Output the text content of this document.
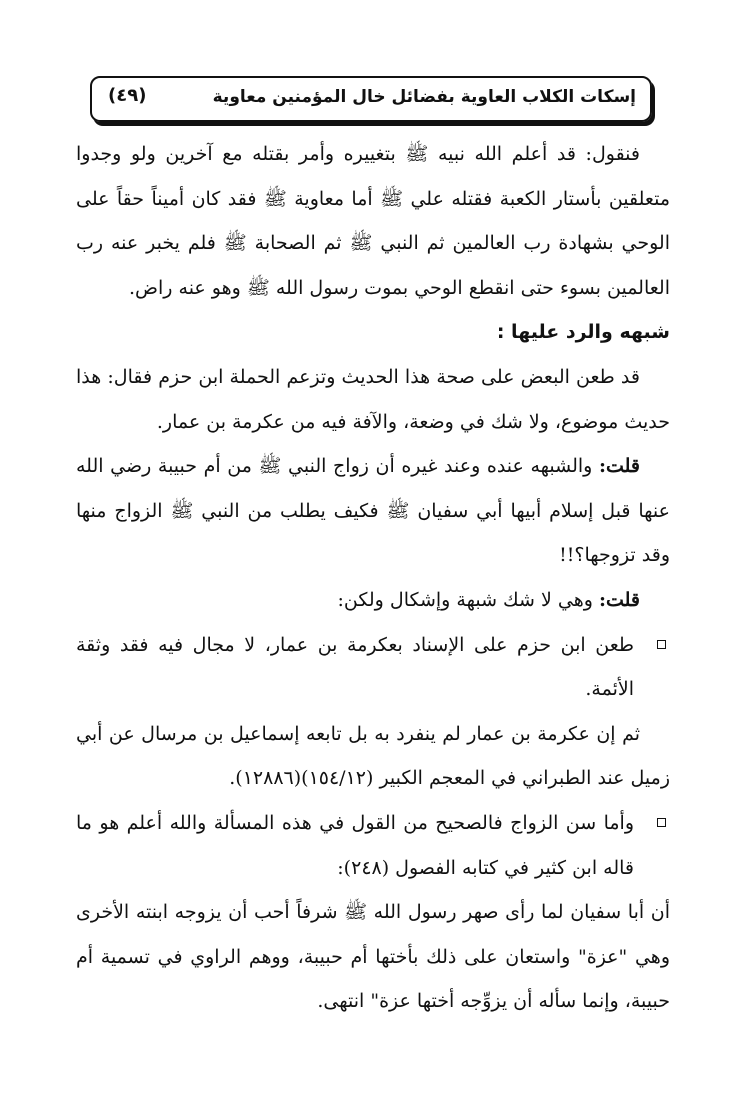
إسكات الكلاب العاوية بفضائل خال المؤمنين معاوية
(٤٩)

فنقول: قد أعلم الله نبيه ﷺ بتغييره وأمر بقتله مع آخرين ولو وجدوا متعلقين بأستار الكعبة فقتله علي ﷺ أما معاوية ﷺ فقد كان أميناً حقاً على الوحي بشهادة رب العالمين ثم النبي ﷺ ثم الصحابة ﷺ فلم يخبر عنه رب العالمين بسوء حتى انقطع الوحي بموت رسول الله ﷺ وهو عنه راض.

شبهه والرد عليها :

قد طعن البعض على صحة هذا الحديث وتزعم الحملة ابن حزم فقال: هذا حديث موضوع، ولا شك في وضعة، والآفة فيه من عكرمة بن عمار.

قلت: والشبهه عنده وعند غيره أن زواج النبي ﷺ من أم حبيبة رضي الله عنها قبل إسلام أبيها أبي سفيان ﷺ فكيف يطلب من النبي ﷺ الزواج منها وقد تزوجها؟!!

قلت: وهي لا شك شبهة وإشكال ولكن:

طعن ابن حزم على الإسناد بعكرمة بن عمار، لا مجال فيه فقد وثقة الأئمة.

ثم إن عكرمة بن عمار لم ينفرد به بل تابعه إسماعيل بن مرسال عن أبي زميل عند الطبراني في المعجم الكبير (١٥٤/١٢)(١٢٨٨٦).

وأما سن الزواج فالصحيح من القول في هذه المسألة والله أعلم هو ما قاله ابن كثير في كتابه الفصول (٢٤٨):

أن أبا سفيان لما رأى صهر رسول الله ﷺ شرفاً أحب أن يزوجه ابنته الأخرى وهي "عزة" واستعان على ذلك بأختها أم حبيبة، ووهم الراوي في تسمية أم حبيبة، وإنما سأله أن يزوِّجه أختها عزة" انتهى.
